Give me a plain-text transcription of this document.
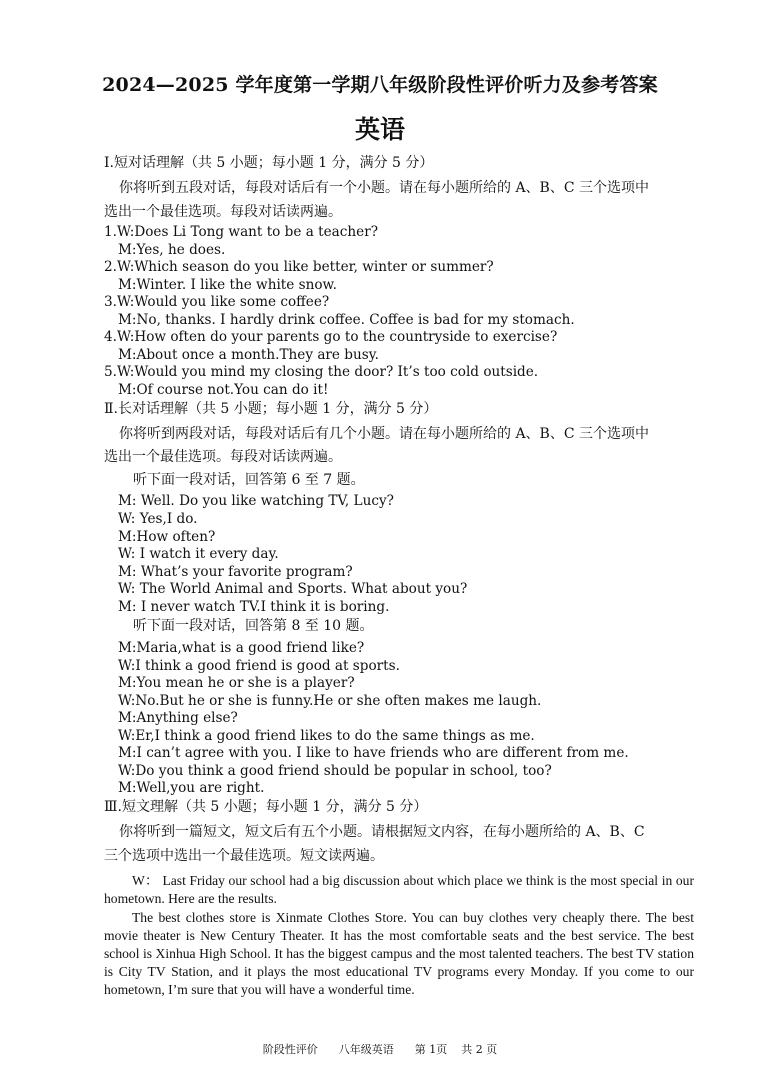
2024—2025 学年度第一学期八年级阶段性评价听力及参考答案
英语
I.短对话理解（共 5 小题；每小题 1 分，满分 5 分）
你将听到五段对话，每段对话后有一个小题。请在每小题所给的 A、B、C 三个选项中
选出一个最佳选项。每段对话读两遍。
1.W:Does Li Tong want to be a teacher?
M:Yes, he does.
2.W:Which season do you like better, winter or summer?
M:Winter. I like the white snow.
3.W:Would you like some coffee?
M:No, thanks. I hardly drink coffee. Coffee is bad for my stomach.
4.W:How often do your parents go to the countryside to exercise?
M:About once a month.They are busy.
5.W:Would you mind my closing the door? It’s too cold outside.
M:Of course not.You can do it!
Ⅱ.长对话理解（共 5 小题；每小题 1 分，满分 5 分）
你将听到两段对话，每段对话后有几个小题。请在每小题所给的 A、B、C 三个选项中
选出一个最佳选项。每段对话读两遍。
听下面一段对话，回答第 6 至 7 题。
M: Well. Do you like watching TV, Lucy?
W: Yes,I do.
M:How often?
W: I watch it every day.
M: What’s your favorite program?
W: The World Animal and Sports. What about you?
M: I never watch TV.I think it is boring.
听下面一段对话，回答第 8 至 10 题。
M:Maria,what is a good friend like?
W:I think a good friend is good at sports.
M:You mean he or she is a player?
W:No.But he or she is funny.He or she often makes me laugh.
M:Anything else?
W:Er,I think a good friend likes to do the same things as me.
M:I can’t agree with you. I like to have friends who are different from me.
W:Do you think a good friend should be popular in school, too?
M:Well,you are right.
Ⅲ.短文理解（共 5 小题；每小题 1 分，满分 5 分）
你将听到一篇短文，短文后有五个小题。请根据短文内容，在每小题所给的 A、B、C
三个选项中选出一个最佳选项。短文读两遍。
W： Last Friday our school had a big discussion about which place we think is the most special in our hometown. Here are the results.
The best clothes store is Xinmate Clothes Store. You can buy clothes very cheaply there. The best movie theater is New Century Theater. It has the most comfortable seats and the best service. The best school is Xinhua High School. It has the biggest campus and the most talented teachers. The best TV station is City TV Station, and it plays the most educational TV programs every Monday. If you come to our hometown, I’m sure that you will have a wonderful time.
阶段性评价      八年级英语      第 1页    共 2 页
